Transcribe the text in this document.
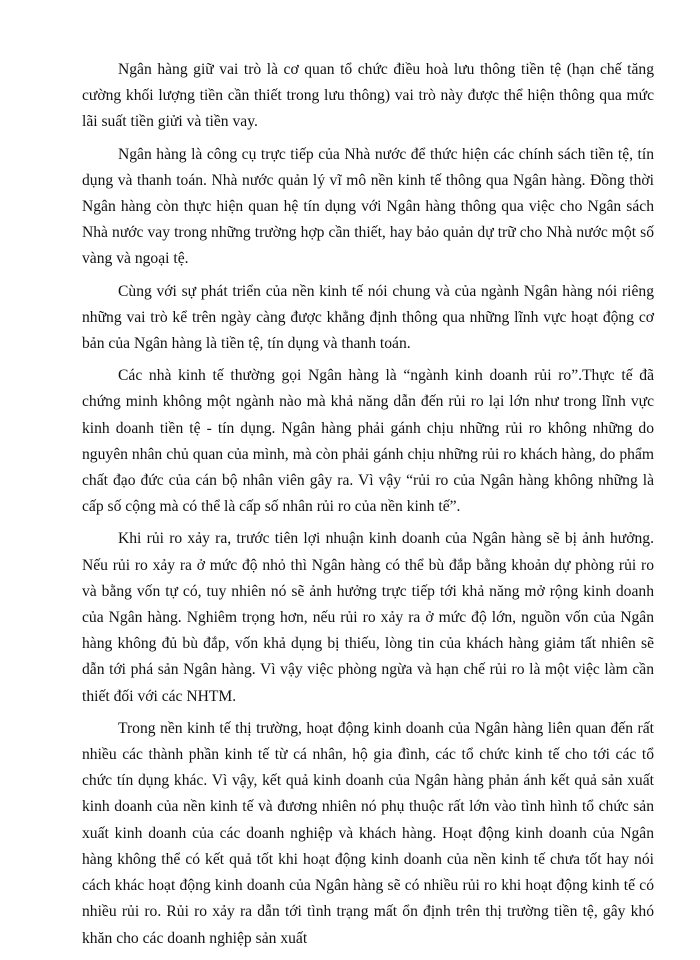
Ngân hàng giữ vai trò là cơ quan tổ chức điều hoà lưu thông tiền tệ (hạn chế tăng cường khối lượng tiền cần thiết trong lưu thông) vai trò này được thể hiện thông qua mức lãi suất tiền giửi và tiền vay.

Ngân hàng là công cụ trực tiếp của Nhà nước để thức hiện các chính sách tiền tệ, tín dụng và thanh toán. Nhà nước quản lý vĩ mô nền kinh tế thông qua Ngân hàng. Đồng thời Ngân hàng còn thực hiện quan hệ tín dụng với Ngân hàng thông qua việc cho Ngân sách Nhà nước vay trong những trường hợp cần thiết, hay bảo quản dự trữ cho Nhà nước một số vàng và ngoại tệ.

Cùng với sự phát triển của nền kinh tế nói chung và của ngành Ngân hàng nói riêng những vai trò kể trên ngày càng được khẳng định thông qua những lĩnh vực hoạt động cơ bản của Ngân hàng là tiền tệ, tín dụng và thanh toán.

Các nhà kinh tế thường gọi Ngân hàng là “ngành kinh doanh rủi ro”.Thực tế đã chứng minh không một ngành nào mà khả năng dẫn đến rủi ro lại lớn như trong lĩnh vực kinh doanh tiền tệ - tín dụng. Ngân hàng phải gánh chịu những rủi ro không những do nguyên nhân chủ quan của mình, mà còn phải gánh chịu những rủi ro khách hàng, do phẩm chất đạo đức của cán bộ nhân viên gây ra. Vì vậy “rủi ro của Ngân hàng không những là cấp số cộng mà có thể là cấp số nhân rủi ro của nền kinh tế”.

Khi rủi ro xảy ra, trước tiên lợi nhuận kinh doanh của Ngân hàng sẽ bị ảnh hưởng. Nếu rủi ro xảy ra ở mức độ nhỏ thì Ngân hàng có thể bù đắp bằng khoản dự phòng rủi ro và bằng vốn tự có, tuy nhiên nó sẽ ảnh hưởng trực tiếp tới khả năng mở rộng kinh doanh của Ngân hàng. Nghiêm trọng hơn, nếu rủi ro xảy ra ở mức độ lớn, nguồn vốn của Ngân hàng không đủ bù đắp, vốn khả dụng bị thiếu, lòng tin của khách hàng giảm tất nhiên sẽ dẫn tới phá sản Ngân hàng. Vì vậy việc phòng ngừa và hạn chế rủi ro là một việc làm cần thiết đối với các NHTM.

Trong nền kinh tế thị trường, hoạt động kinh doanh của Ngân hàng liên quan đến rất nhiều các thành phần kinh tế từ cá nhân, hộ gia đình, các tổ chức kinh tế cho tới các tổ chức tín dụng khác. Vì vậy, kết quả kinh doanh của Ngân hàng phản ánh kết quả sản xuất kinh doanh của nền kinh tế và đương nhiên nó phụ thuộc rất lớn vào tình hình tổ chức sản xuất kinh doanh của các doanh nghiệp và khách hàng. Hoạt động kinh doanh của Ngân hàng không thể có kết quả tốt khi hoạt động kinh doanh của nền kinh tế chưa tốt hay nói cách khác hoạt động kinh doanh của Ngân hàng sẽ có nhiều rủi ro khi hoạt động kinh tế có nhiều rủi ro. Rủi ro xảy ra dẫn tới tình trạng mất ổn định trên thị trường tiền tệ, gây khó khăn cho các doanh nghiệp sản xuất
